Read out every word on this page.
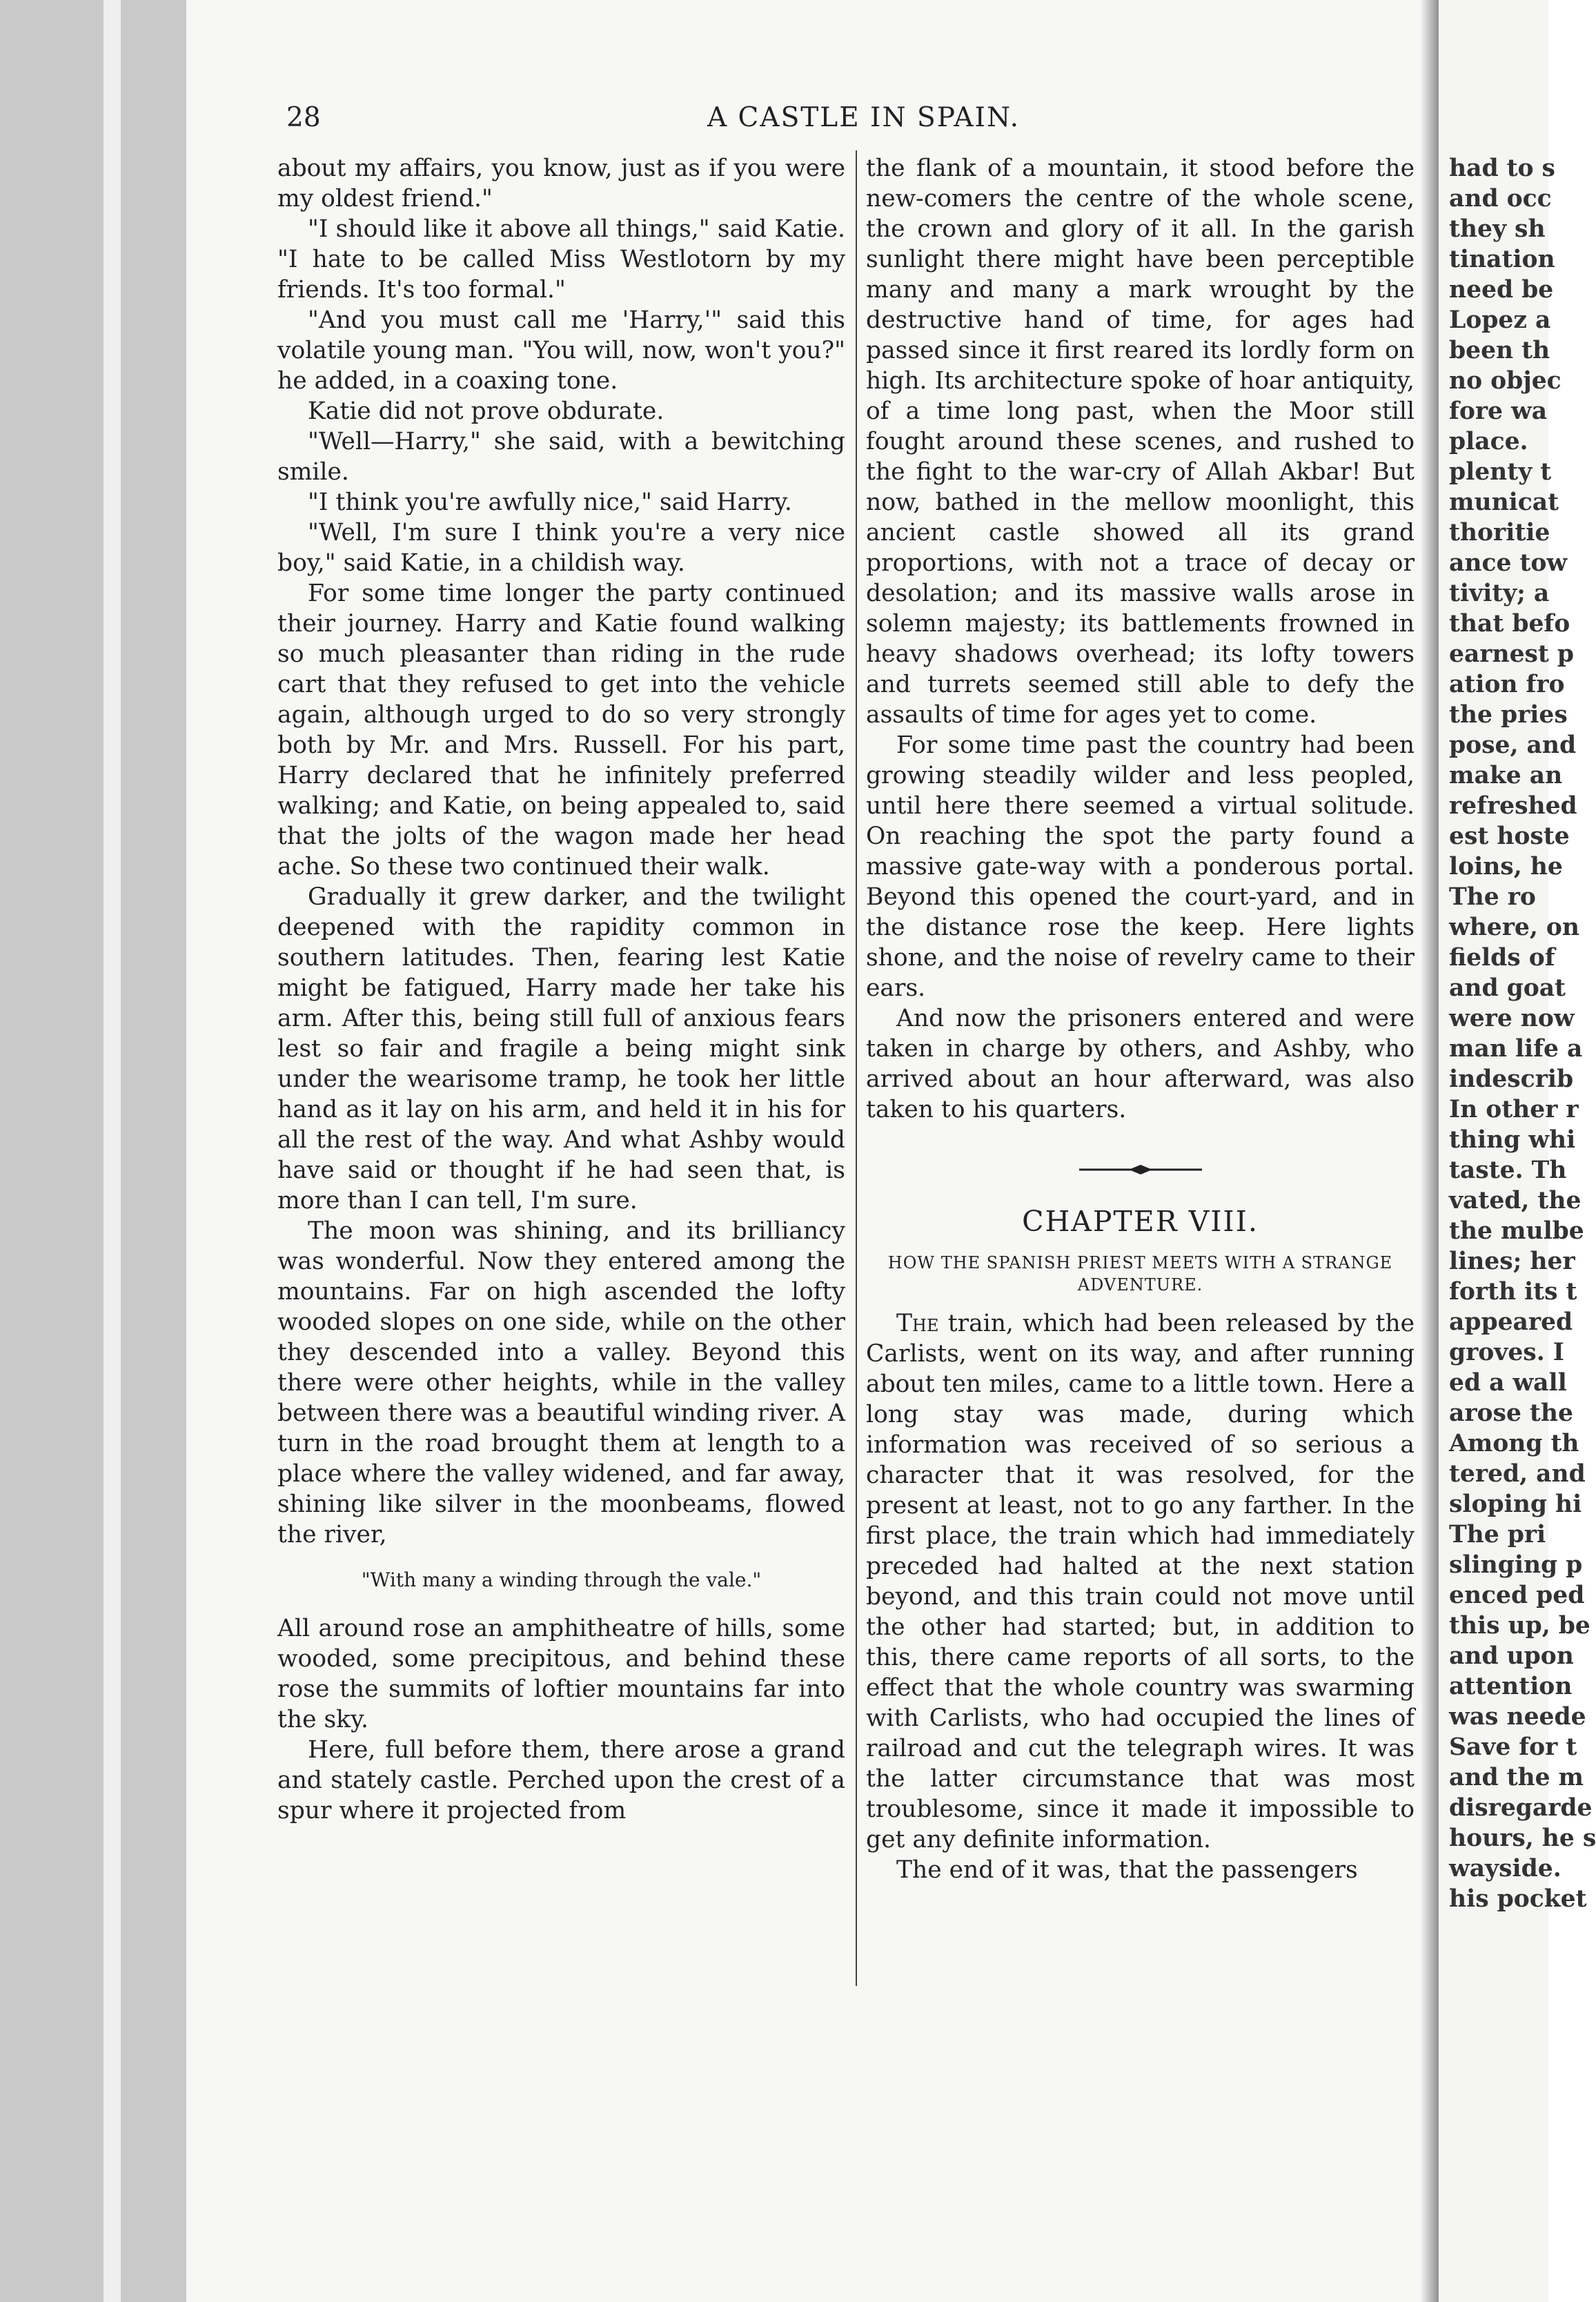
28	A CASTLE IN SPAIN.

about my affairs, you know, just as if you were my oldest friend."

"I should like it above all things," said Katie. "I hate to be called Miss Westlotorn by my friends. It's too formal."

"And you must call me 'Harry,'" said this volatile young man. "You will, now, won't you?" he added, in a coaxing tone.

Katie did not prove obdurate.

"Well—Harry," she said, with a bewitching smile.

"I think you're awfully nice," said Harry.

"Well, I'm sure I think you're a very nice boy," said Katie, in a childish way.

For some time longer the party continued their journey. Harry and Katie found walking so much pleasanter than riding in the rude cart that they refused to get into the vehicle again, although urged to do so very strongly both by Mr. and Mrs. Russell. For his part, Harry declared that he infinitely preferred walking; and Katie, on being appealed to, said that the jolts of the wagon made her head ache. So these two continued their walk.

Gradually it grew darker, and the twilight deepened with the rapidity common in southern latitudes. Then, fearing lest Katie might be fatigued, Harry made her take his arm. After this, being still full of anxious fears lest so fair and fragile a being might sink under the wearisome tramp, he took her little hand as it lay on his arm, and held it in his for all the rest of the way. And what Ashby would have said or thought if he had seen that, is more than I can tell, I'm sure.

The moon was shining, and its brilliancy was wonderful. Now they entered among the mountains. Far on high ascended the lofty wooded slopes on one side, while on the other they descended into a valley. Beyond this there were other heights, while in the valley between there was a beautiful winding river. A turn in the road brought them at length to a place where the valley widened, and far away, shining like silver in the moonbeams, flowed the river,

"With many a winding through the vale."

All around rose an amphitheatre of hills, some wooded, some precipitous, and behind these rose the summits of loftier mountains far into the sky.

Here, full before them, there arose a grand and stately castle. Perched upon the crest of a spur where it projected from

the flank of a mountain, it stood before the new-comers the centre of the whole scene, the crown and glory of it all. In the garish sunlight there might have been perceptible many and many a mark wrought by the destructive hand of time, for ages had passed since it first reared its lordly form on high. Its architecture spoke of hoar antiquity, of a time long past, when the Moor still fought around these scenes, and rushed to the fight to the war-cry of Allah Akbar! But now, bathed in the mellow moonlight, this ancient castle showed all its grand proportions, with not a trace of decay or desolation; and its massive walls arose in solemn majesty; its battlements frowned in heavy shadows overhead; its lofty towers and turrets seemed still able to defy the assaults of time for ages yet to come.

For some time past the country had been growing steadily wilder and less peopled, until here there seemed a virtual solitude. On reaching the spot the party found a massive gate-way with a ponderous portal. Beyond this opened the court-yard, and in the distance rose the keep. Here lights shone, and the noise of revelry came to their ears.

And now the prisoners entered and were taken in charge by others, and Ashby, who arrived about an hour afterward, was also taken to his quarters.

CHAPTER VIII.

HOW THE SPANISH PRIEST MEETS WITH A STRANGE ADVENTURE.

The train, which had been released by the Carlists, went on its way, and after running about ten miles, came to a little town. Here a long stay was made, during which information was received of so serious a character that it was resolved, for the present at least, not to go any farther. In the first place, the train which had immediately preceded had halted at the next station beyond, and this train could not move until the other had started; but, in addition to this, there came reports of all sorts, to the effect that the whole country was swarming with Carlists, who had occupied the lines of railroad and cut the telegraph wires. It was the latter circumstance that was most troublesome, since it made it impossible to get any definite information.

The end of it was, that the passengers

had to s

and occ

they sh

tination

need be

Lopez a

been th

no objec

fore wa

place.

plenty t

municat

thoritie

ance tow

tivity; a

that befo

earnest p

ation fro

the pries

pose, and

make an

refreshed

est hoste

loins, he

The ro

where, on

fields of

and goat

were now

man life a

indescrib

In other r

thing whi

taste. Th

vated, the

the mulbe

lines; her

forth its t

appeared

groves. I

ed a wall

arose the

Among th

tered, and

sloping hi

The pri

slinging p

enced ped

this up, be

and upon

attention

was neede

Save for t

and the m

disregarde

hours, he s

wayside.

his pocket
